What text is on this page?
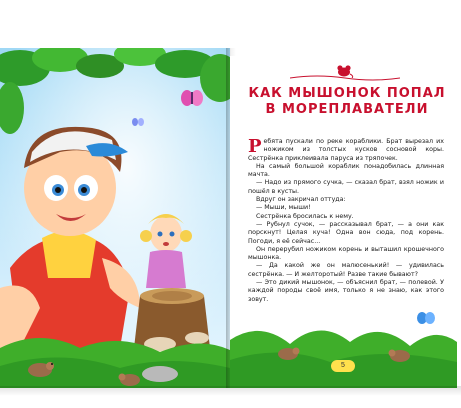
КАК МЫШОНОК ПОПАЛ
В МОРЕПЛАВАТЕЛИ

Ребята пускали по реке кораблики. Брат вырезал их ножиком из толстых кусков сосновой коры. Сестрёнка приклеивала паруса из тряпочек.

На самый большой кораблик понадобилась длинная мачта.

— Надо из прямого сучка, — сказал брат, взял ножик и пошёл в кусты.

Вдруг он закричал оттуда:

— Мыши, мыши!

Сестрёнка бросилась к нему.

— Рубнул сучок, — рассказывал брат, — а они как порскнут! Целая куча! Одна вон сюда, под корень. Погоди, я её сейчас...

Он перерубил ножиком корень и выташил крошечного мышонка.

— Да какой же он малюсенький! — удивилась сестрёнка. — И желторотый! Разве такие бывают?

— Это дикий мышонок, — объяснил брат, — полевой. У каждой породы своё имя, только я не знаю, как этого зовут.

5
